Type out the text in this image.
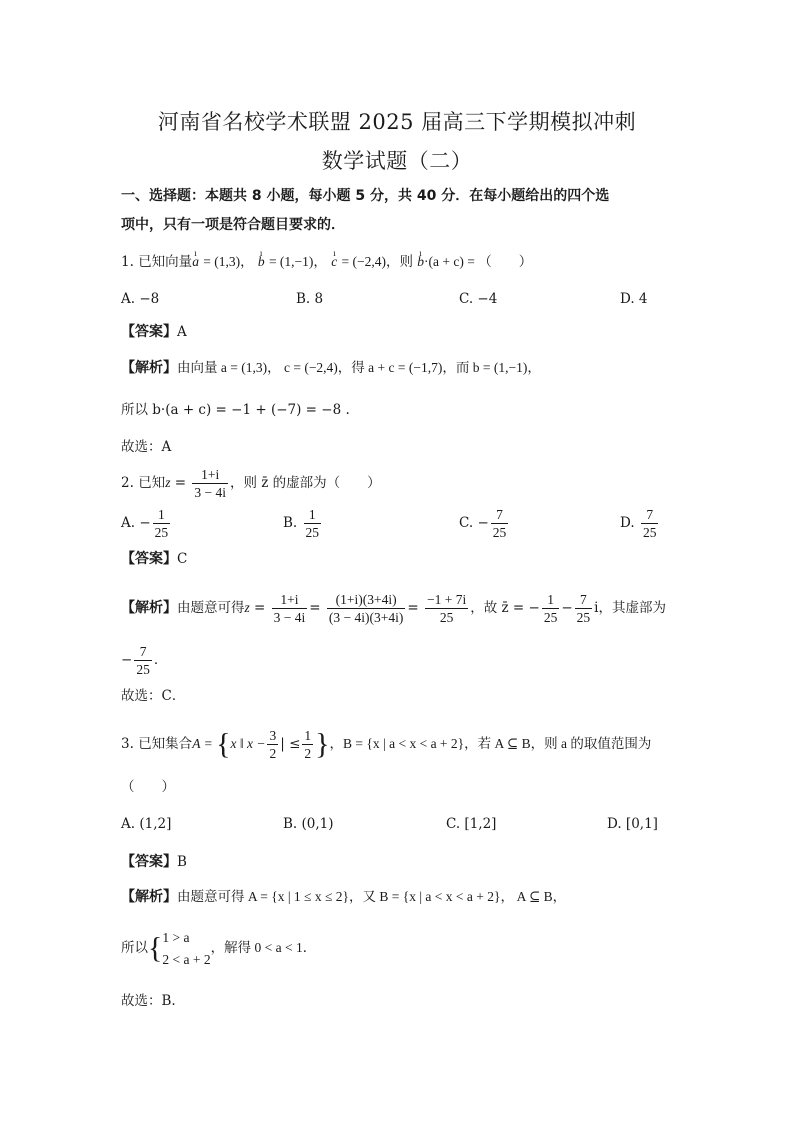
河南省名校学术联盟 2025 届高三下学期模拟冲刺
数学试题（二）
一、选择题：本题共 8 小题，每小题 5 分，共 40 分．在每小题给出的四个选
项中，只有一项是符合题目要求的．
1. 已知向量ı a = (1,3)， ı b = (1,−1)， ı c = (−2,4)，则 ı b·(a + c) = （　　）
A. −8	B. 8	C. −4	D. 4
【答案】A
【解析】由向量 a = (1,3)， c = (−2,4)，得 a + c = (−1,7)，而 b = (1,−1)，
所以 b·(a + c) = −1 + (−7) = −8 .
故选：A
2. 已知$z = \frac{1+i}{3 - 4i}$ ，则 z̄ 的虚部为（　　）
A. − $\frac{1}{25}$	B. $\frac{1}{25}$	C. − $\frac{7}{25}$	D. $\frac{7}{25}$
【答案】C
【解析】由题意可得$z = \frac{1+i}{3 - 4i} = \frac{(1+i)(3+4i)}{(3 - 4i)(3+4i)} = \frac{-1 + 7i}{25}$ ，故 z̄ = − $\frac{1}{25} - \frac{7}{25}$ i，其虚部为
− $\frac{7}{25}$ ．
故选：C．
3. 已知集合A = {x ‖ $x - \frac{3}{2}$ | ≤ $\frac{1}{2}$ }，B = {x | a < x < a + 2}，若 A ⊆ B，则 a 的取值范围为
（　　）
A. (1,2]	B. (0,1)	C. [1,2]	D. [0,1]
【答案】B
【解析】由题意可得 A = {x | 1 ≤ x ≤ 2}，又 B = {x | a < x < a + 2}， A ⊆ B，
所以{ 1 > a
2 < a + 2
，解得 0 < a < 1．
故选：B.
